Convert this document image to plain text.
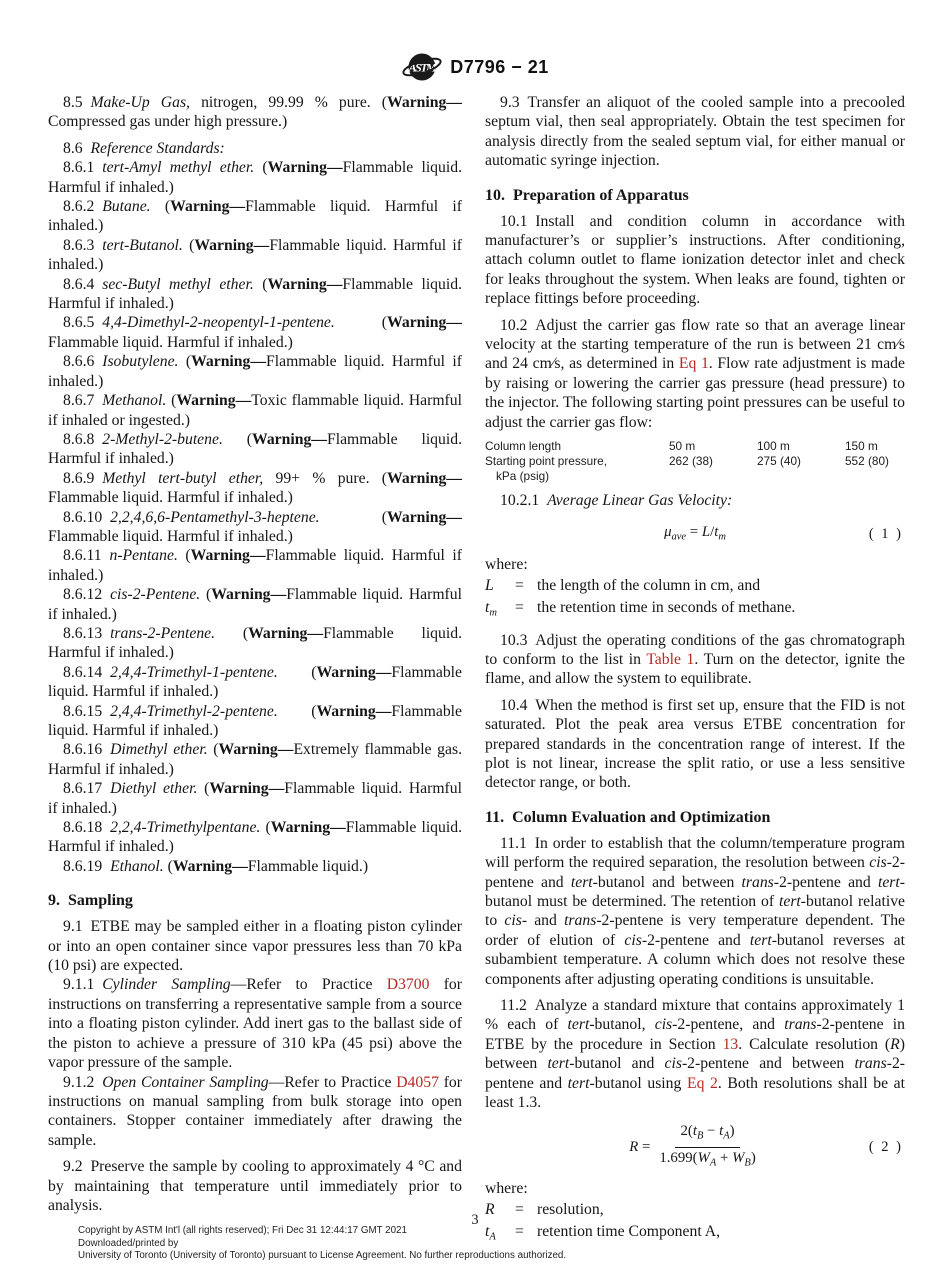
ASTM D7796 − 21

8.5 Make-Up Gas, nitrogen, 99.99 % pure. (Warning—Compressed gas under high pressure.)

8.6 Reference Standards:

8.6.1 tert-Amyl methyl ether. (Warning—Flammable liquid. Harmful if inhaled.)

8.6.2 Butane. (Warning—Flammable liquid. Harmful if inhaled.)

8.6.3 tert-Butanol. (Warning—Flammable liquid. Harmful if inhaled.)

8.6.4 sec-Butyl methyl ether. (Warning—Flammable liquid. Harmful if inhaled.)

8.6.5 4,4-Dimethyl-2-neopentyl-1-pentene. (Warning—Flammable liquid. Harmful if inhaled.)

8.6.6 Isobutylene. (Warning—Flammable liquid. Harmful if inhaled.)

8.6.7 Methanol. (Warning—Toxic flammable liquid. Harmful if inhaled or ingested.)

8.6.8 2-Methyl-2-butene. (Warning—Flammable liquid. Harmful if inhaled.)

8.6.9 Methyl tert-butyl ether, 99+ % pure. (Warning—Flammable liquid. Harmful if inhaled.)

8.6.10 2,2,4,6,6-Pentamethyl-3-heptene. (Warning—Flammable liquid. Harmful if inhaled.)

8.6.11 n-Pentane. (Warning—Flammable liquid. Harmful if inhaled.)

8.6.12 cis-2-Pentene. (Warning—Flammable liquid. Harmful if inhaled.)

8.6.13 trans-2-Pentene. (Warning—Flammable liquid. Harmful if inhaled.)

8.6.14 2,4,4-Trimethyl-1-pentene. (Warning—Flammable liquid. Harmful if inhaled.)

8.6.15 2,4,4-Trimethyl-2-pentene. (Warning—Flammable liquid. Harmful if inhaled.)

8.6.16 Dimethyl ether. (Warning—Extremely flammable gas. Harmful if inhaled.)

8.6.17 Diethyl ether. (Warning—Flammable liquid. Harmful if inhaled.)

8.6.18 2,2,4-Trimethylpentane. (Warning—Flammable liquid. Harmful if inhaled.)

8.6.19 Ethanol. (Warning—Flammable liquid.)

9. Sampling

9.1 ETBE may be sampled either in a floating piston cylinder or into an open container since vapor pressures less than 70 kPa (10 psi) are expected.

9.1.1 Cylinder Sampling—Refer to Practice D3700 for instructions on transferring a representative sample from a source into a floating piston cylinder. Add inert gas to the ballast side of the piston to achieve a pressure of 310 kPa (45 psi) above the vapor pressure of the sample.

9.1.2 Open Container Sampling—Refer to Practice D4057 for instructions on manual sampling from bulk storage into open containers. Stopper container immediately after drawing the sample.

9.2 Preserve the sample by cooling to approximately 4 °C and by maintaining that temperature until immediately prior to analysis.

9.3 Transfer an aliquot of the cooled sample into a precooled septum vial, then seal appropriately. Obtain the test specimen for analysis directly from the sealed septum vial, for either manual or automatic syringe injection.

10. Preparation of Apparatus

10.1 Install and condition column in accordance with manufacturer’s or supplier’s instructions. After conditioning, attach column outlet to flame ionization detector inlet and check for leaks throughout the system. When leaks are found, tighten or replace fittings before proceeding.

10.2 Adjust the carrier gas flow rate so that an average linear velocity at the starting temperature of the run is between 21 cm⁄s and 24 cm⁄s, as determined in Eq 1. Flow rate adjustment is made by raising or lowering the carrier gas pressure (head pressure) to the injector. The following starting point pressures can be useful to adjust the carrier gas flow:

Column length	50 m	100 m	150 m
Starting point pressure,
kPa (psig)
262 (38)	275 (40)	552 (80)

10.2.1 Average Linear Gas Velocity:

$\mu_{ave} = L/t_m$	( 1 )
where:
L	= the length of the column in cm, and
$t_m$	= the retention time in seconds of methane.

10.3 Adjust the operating conditions of the gas chromatograph to conform to the list in Table 1. Turn on the detector, ignite the flame, and allow the system to equilibrate.

10.4 When the method is first set up, ensure that the FID is not saturated. Plot the peak area versus ETBE concentration for prepared standards in the concentration range of interest. If the plot is not linear, increase the split ratio, or use a less sensitive detector range, or both.

11. Column Evaluation and Optimization

11.1 In order to establish that the column/temperature program will perform the required separation, the resolution between cis-2-pentene and tert-butanol and between trans-2-pentene and tert-butanol must be determined. The retention of tert-butanol relative to cis- and trans-2-pentene is very temperature dependent. The order of elution of cis-2-pentene and tert-butanol reverses at subambient temperature. A column which does not resolve these components after adjusting operating conditions is unsuitable.

11.2 Analyze a standard mixture that contains approximately 1 % each of tert-butanol, cis-2-pentene, and trans-2-pentene in ETBE by the procedure in Section 13. Calculate resolution (R) between tert-butanol and cis-2-pentene and between trans-2-pentene and tert-butanol using Eq 2. Both resolutions shall be at least 1.3.

$R = \frac{2(t_B - t_A)}{1.699(W_A + W_B)}$	( 2 )
where:
R	= resolution,
$t_A$	= retention time Component A,
3
Copyright by ASTM Int'l (all rights reserved); Fri Dec 31 12:44:17 GMT 2021
Downloaded/printed by
University of Toronto (University of Toronto) pursuant to License Agreement. No further reproductions authorized.
